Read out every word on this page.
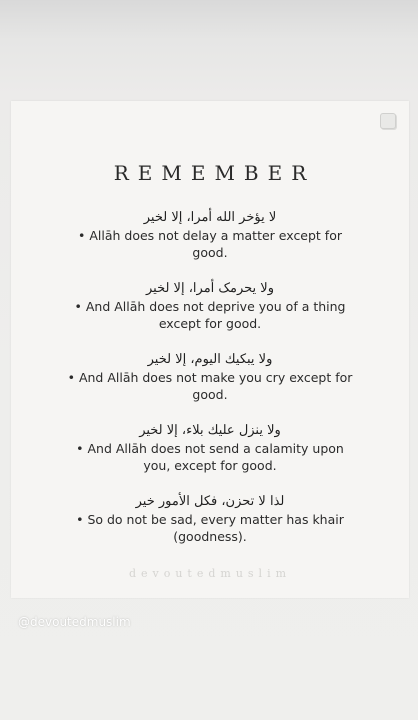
REMEMBER
لا يؤخر الله أمرا، إلا لخير
• Allāh does not delay a matter except for good.
ولا يحرمک أمرا، إلا لخير
• And Allāh does not deprive you of a thing except for good.
ولا يبكيك اليوم، إلا لخير
• And Allāh does not make you cry except for good.
ولا ينزل عليك بلاء، إلا لخير
• And Allāh does not send a calamity upon you, except for good.
لذا لا تحزن، فكل الأمور خير
• So do not be sad, every matter has khair (goodness).
devoutedmuslim
@devoutedmuslim
